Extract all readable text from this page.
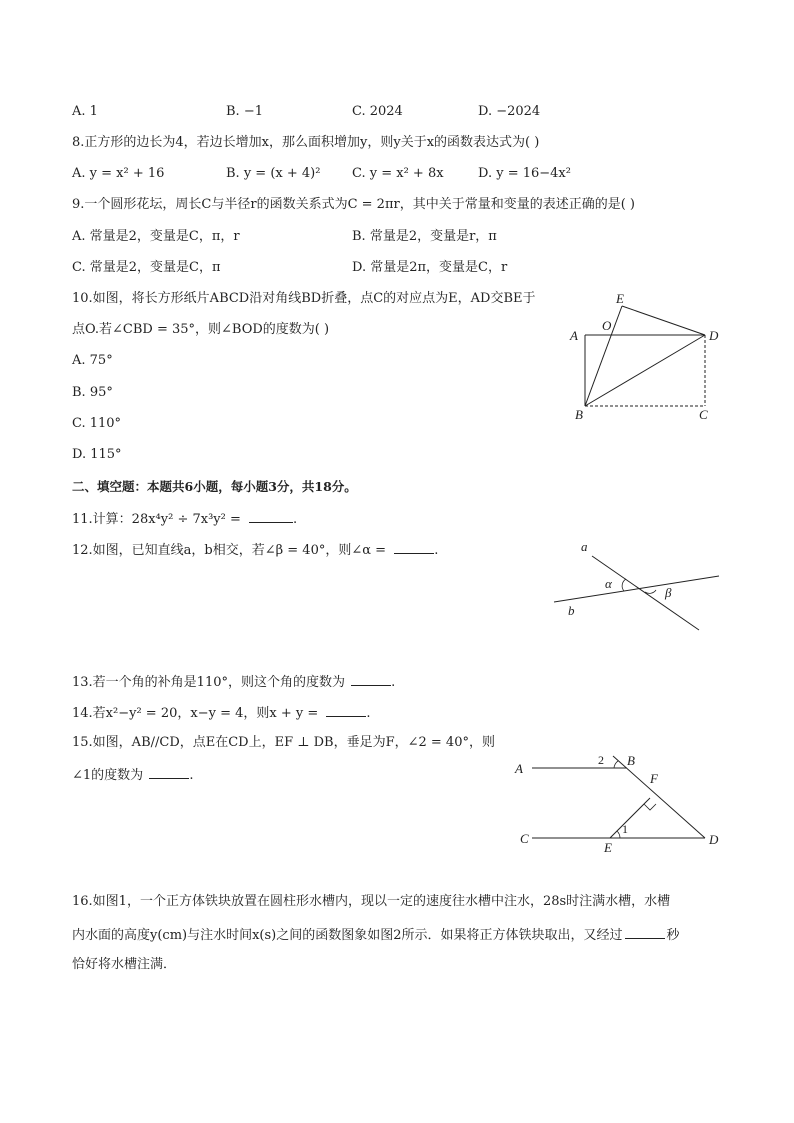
A. 1	B. −1	C. 2024	D. −2024
8.正方形的边长为4，若边长增加x，那么面积增加y，则y关于x的函数表达式为( )
A. y = x² + 16	B. y = (x + 4)² C. y = x² + 8x	D. y = 16−4x²
9.一个圆形花坛，周长C与半径r的函数关系式为C = 2πr，其中关于常量和变量的表述正确的是( )
A. 常量是2，变量是C，π，r	B. 常量是2，变量是r，π
C. 常量是2，变量是C，π	D. 常量是2π，变量是C，r
10.如图，将长方形纸片ABCD沿对角线BD折叠，点C的对应点为E，AD交BE于
点O.若∠CBD = 35°，则∠BOD的度数为( )
A. 75°
B. 95°
C. 110°
D. 115°
E
O
A	D
B	C
二、填空题：本题共6小题，每小题3分，共18分。
11.计算：28x⁴y² ÷ 7x³y² =	.
12.如图，已知直线a，b相交，若∠β = 40°，则∠α =	.	a
b
α
β
13.若一个角的补角是110°，则这个角的度数为	.
14.若x²−y² = 20，x−y = 4，则x + y =	.
15.如图，AB//CD，点E在CD上，EF ⊥ DB，垂足为F，∠2 = 40°，则
∠1的度数为	.	A
B
F
C
E
D
1
2
16.如图1，一个正方体铁块放置在圆柱形水槽内，现以一定的速度往水槽中注水，28s时注满水槽，水槽
内水面的高度y(cm)与注水时间x(s)之间的函数图象如图2所示．如果将正方体铁块取出，又经过	秒
恰好将水槽注满．
